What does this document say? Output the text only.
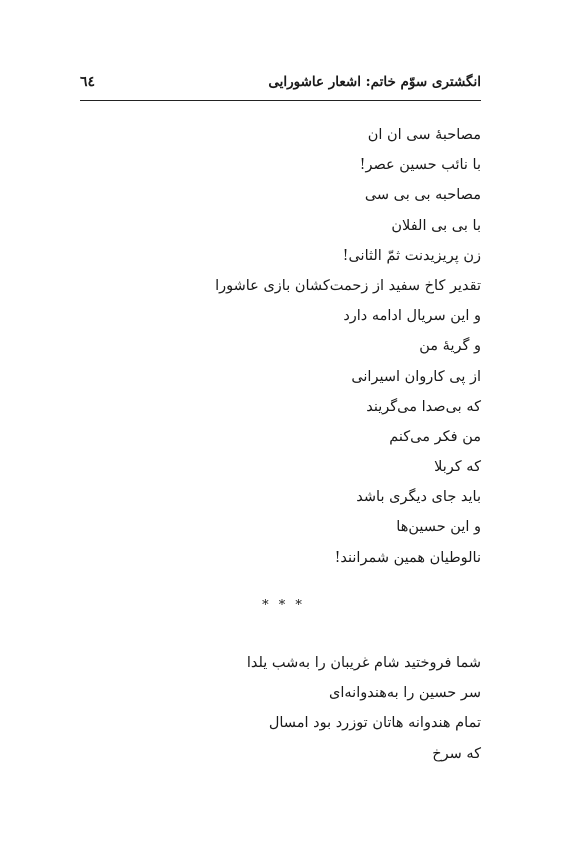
انگشتری سوّم خاتم: اشعار عاشورایی
٦٤
مصاحبهٔ سی ان ان
با نائب حسین عصر!
مصاحبه بی بی سی
با بی بی الفلان
زن پریزیدنت ثمّ الثانی!
تقدیر کاخ سفید از زحمت‌کشان بازی عاشورا
و این سریال ادامه دارد
و گریهٔ من
از پی کاروان اسیرانی
که بی‌صدا می‌گریند
من فکر می‌کنم
که کربلا
باید جای دیگری باشد
و این حسین‌ها
نالوطیان همین شمرانند!
* * *
شما فروختید شام غریبان را به‌شب یلدا
سر حسین را به‌هندوانه‌ای
تمام هندوانه هاتان توزرد بود امسال
که سرخ
